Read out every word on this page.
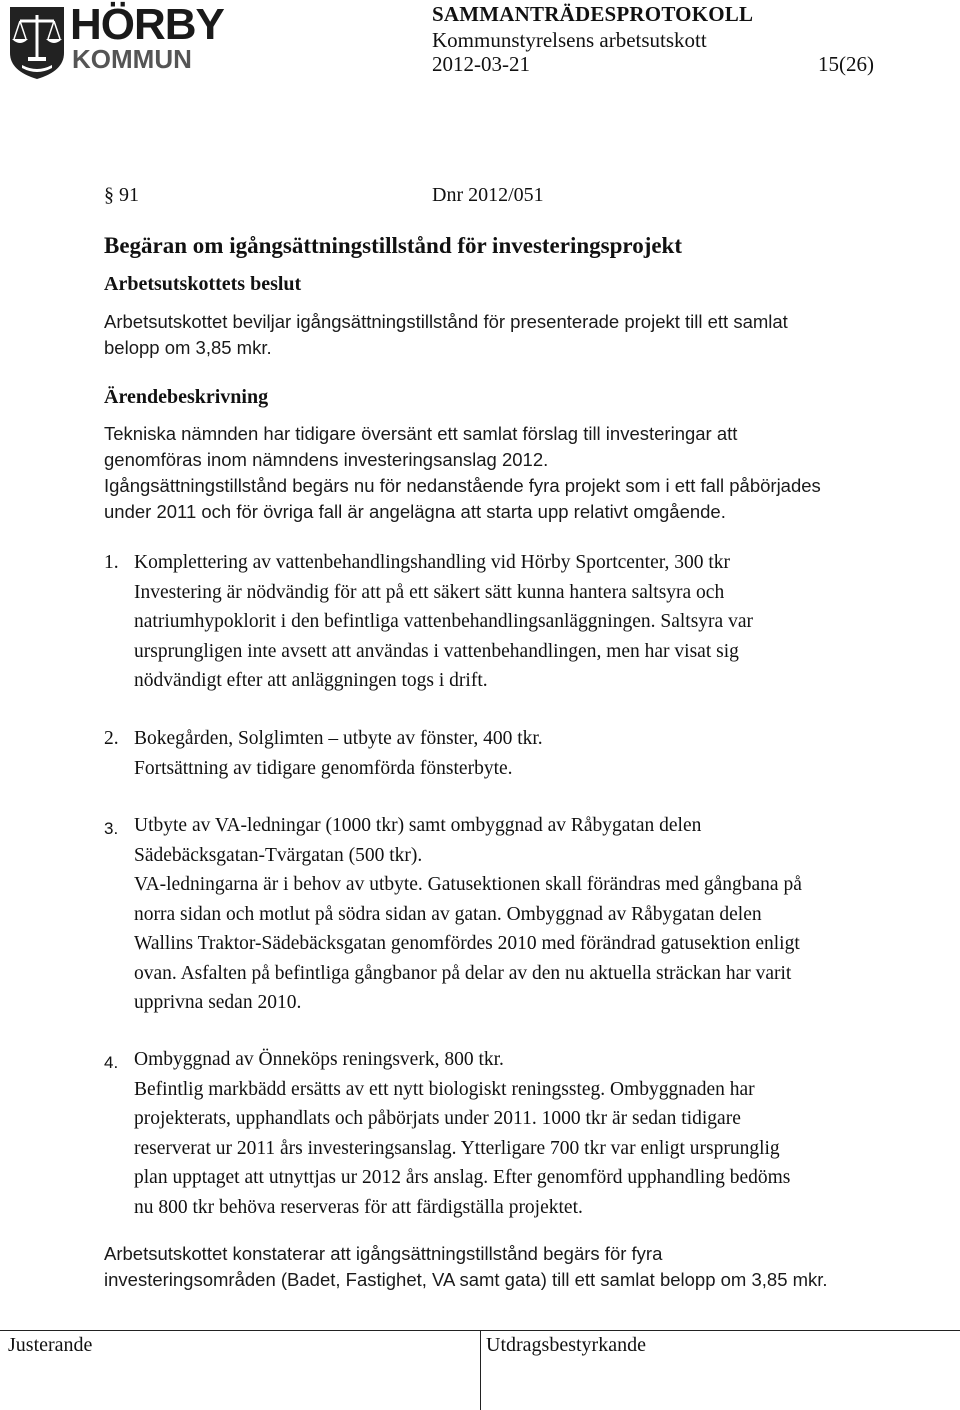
HÖRBY
KOMMUN
SAMMANTRÄDESPROTOKOLL
Kommunstyrelsens arbetsutskott
2012-03-21	15(26)
§ 91	Dnr 2012/051
Begäran om igångsättningstillstånd för investeringsprojekt
Arbetsutskottets beslut
Arbetsutskottet beviljar igångsättningstillstånd för presenterade projekt till ett samlat
belopp om 3,85 mkr.
Ärendebeskrivning
Tekniska nämnden har tidigare översänt ett samlat förslag till investeringar att
genomföras inom nämndens investeringsanslag 2012.
Igångsättningstillstånd begärs nu för nedanstående fyra projekt som i ett fall påbörjades
under 2011 och för övriga fall är angelägna att starta upp relativt omgående.
1. Komplettering av vattenbehandlingshandling vid Hörby Sportcenter, 300 tkr
Investering är nödvändig för att på ett säkert sätt kunna hantera saltsyra och
natriumhypoklorit i den befintliga vattenbehandlingsanläggningen. Saltsyra var
ursprungligen inte avsett att användas i vattenbehandlingen, men har visat sig
nödvändigt efter att anläggningen togs i drift.
2. Bokegården, Solglimten – utbyte av fönster, 400 tkr.
Fortsättning av tidigare genomförda fönsterbyte.
3. Utbyte av VA-ledningar (1000 tkr) samt ombyggnad av Råbygatan delen
Sädebäcksgatan-Tvärgatan (500 tkr).
VA-ledningarna är i behov av utbyte. Gatusektionen skall förändras med gångbana på
norra sidan och motlut på södra sidan av gatan. Ombyggnad av Råbygatan delen
Wallins Traktor-Sädebäcksgatan genomfördes 2010 med förändrad gatusektion enligt
ovan. Asfalten på befintliga gångbanor på delar av den nu aktuella sträckan har varit
upprivna sedan 2010.
4. Ombyggnad av Önneköps reningsverk, 800 tkr.
Befintlig markbädd ersätts av ett nytt biologiskt reningssteg. Ombyggnaden har
projekterats, upphandlats och påbörjats under 2011. 1000 tkr är sedan tidigare
reserverat ur 2011 års investeringsanslag. Ytterligare 700 tkr var enligt ursprunglig
plan upptaget att utnyttjas ur 2012 års anslag. Efter genomförd upphandling bedöms
nu 800 tkr behöva reserveras för att färdigställa projektet.
Arbetsutskottet konstaterar att igångsättningstillstånd begärs för fyra
investeringsområden (Badet, Fastighet, VA samt gata) till ett samlat belopp om 3,85 mkr.
Justerande	Utdragsbestyrkande
